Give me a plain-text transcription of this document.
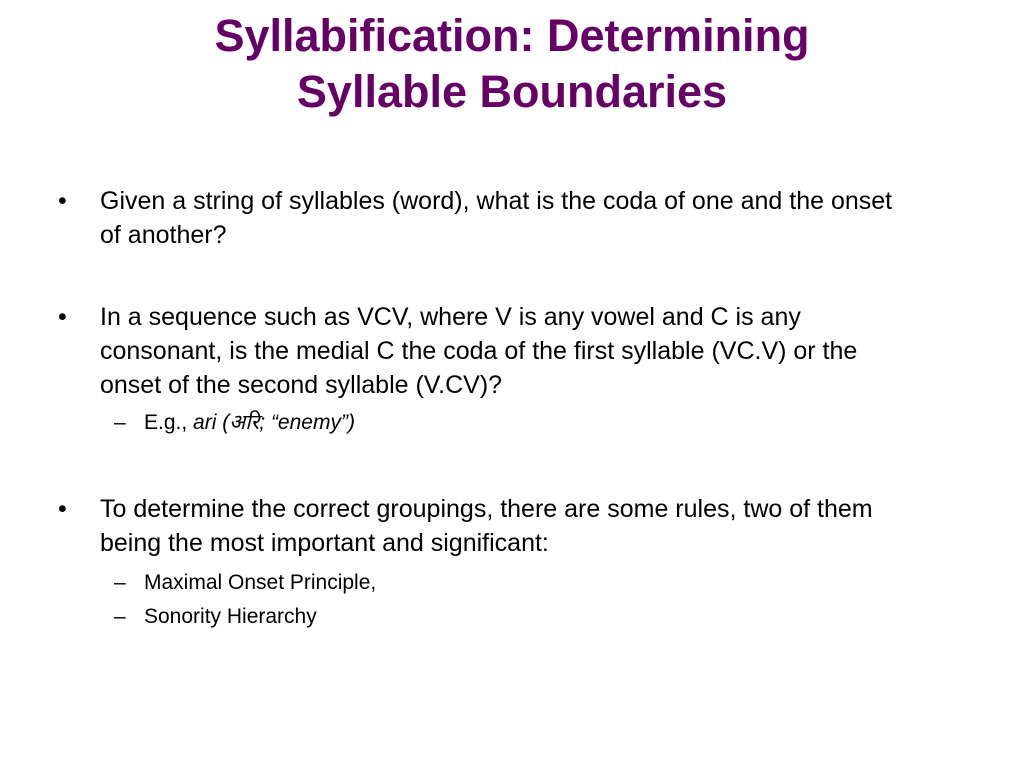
Syllabification: Determining
Syllable Boundaries
•	Given a string of syllables (word), what is the coda of one and the onset of another?
•	In a sequence such as VCV, where V is any vowel and C is any consonant, is the medial C the coda of the first syllable (VC.V) or the onset of the second syllable (V.CV)?
– E.g., ari (अरि; “enemy”)
•	To determine the correct groupings, there are some rules, two of them being the most important and significant:
– Maximal Onset Principle,
– Sonority Hierarchy
